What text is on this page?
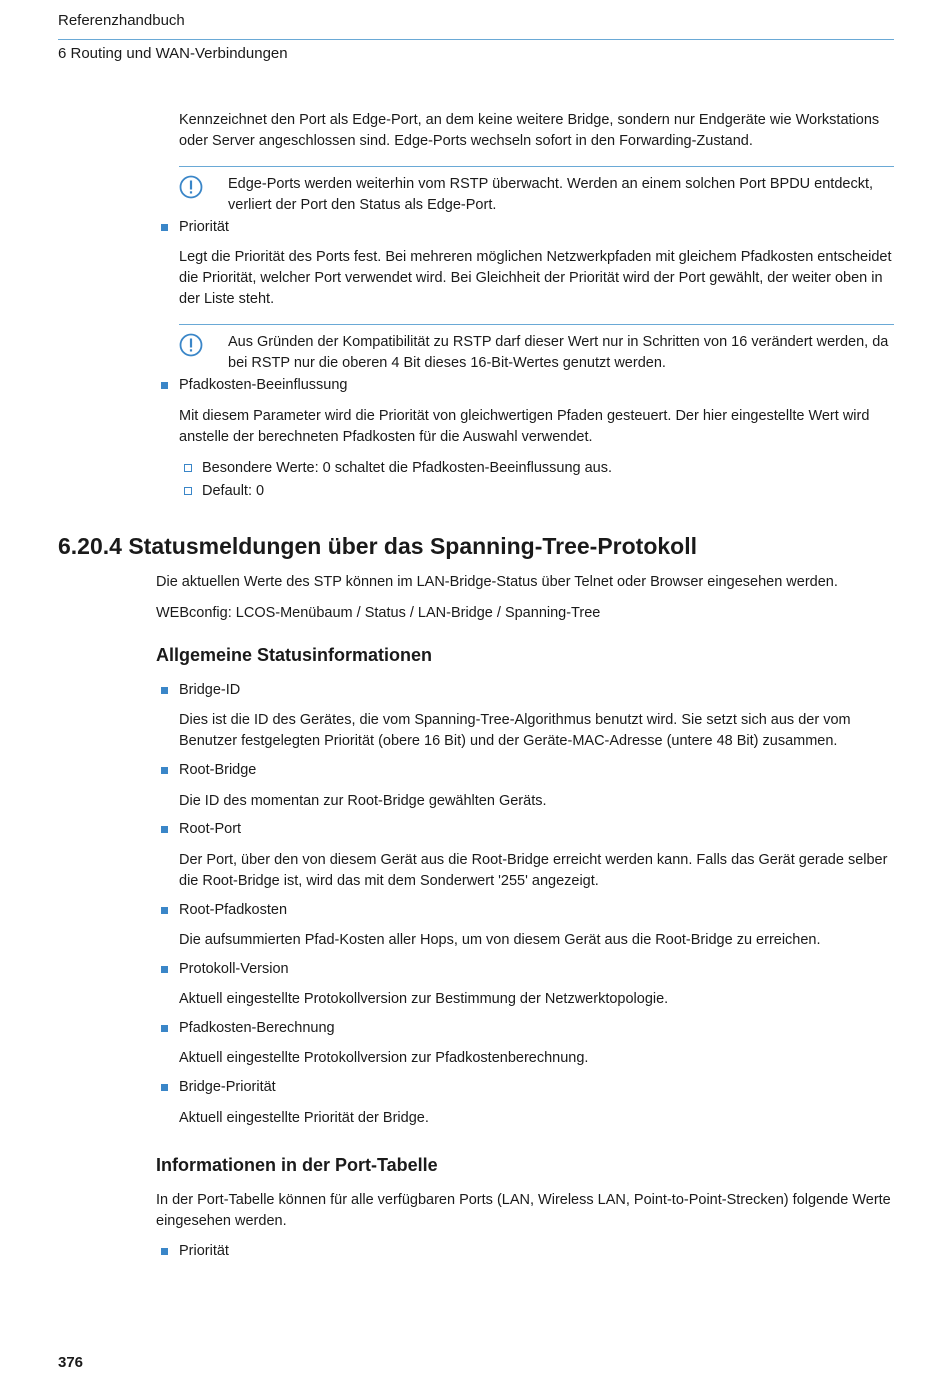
Referenzhandbuch
6 Routing und WAN-Verbindungen
Kennzeichnet den Port als Edge-Port, an dem keine weitere Bridge, sondern nur Endgeräte wie Workstations oder Server angeschlossen sind. Edge-Ports wechseln sofort in den Forwarding-Zustand.
Edge-Ports werden weiterhin vom RSTP überwacht. Werden an einem solchen Port BPDU entdeckt, verliert der Port den Status als Edge-Port.
Priorität
Legt die Priorität des Ports fest. Bei mehreren möglichen Netzwerkpfaden mit gleichem Pfadkosten entscheidet die Priorität, welcher Port verwendet wird. Bei Gleichheit der Priorität wird der Port gewählt, der weiter oben in der Liste steht.
Aus Gründen der Kompatibilität zu RSTP darf dieser Wert nur in Schritten von 16 verändert werden, da bei RSTP nur die oberen 4 Bit dieses 16-Bit-Wertes genutzt werden.
Pfadkosten-Beeinflussung
Mit diesem Parameter wird die Priorität von gleichwertigen Pfaden gesteuert. Der hier eingestellte Wert wird anstelle der berechneten Pfadkosten für die Auswahl verwendet.
Besondere Werte: 0 schaltet die Pfadkosten-Beeinflussung aus.
Default: 0
6.20.4 Statusmeldungen über das Spanning-Tree-Protokoll
Die aktuellen Werte des STP können im LAN-Bridge-Status über Telnet oder Browser eingesehen werden.
WEBconfig: LCOS-Menübaum / Status / LAN-Bridge / Spanning-Tree
Allgemeine Statusinformationen
Bridge-ID
Dies ist die ID des Gerätes, die vom Spanning-Tree-Algorithmus benutzt wird. Sie setzt sich aus der vom Benutzer festgelegten Priorität (obere 16 Bit) und der Geräte-MAC-Adresse (untere 48 Bit) zusammen.
Root-Bridge
Die ID des momentan zur Root-Bridge gewählten Geräts.
Root-Port
Der Port, über den von diesem Gerät aus die Root-Bridge erreicht werden kann. Falls das Gerät gerade selber die Root-Bridge ist, wird das mit dem Sonderwert '255' angezeigt.
Root-Pfadkosten
Die aufsummierten Pfad-Kosten aller Hops, um von diesem Gerät aus die Root-Bridge zu erreichen.
Protokoll-Version
Aktuell eingestellte Protokollversion zur Bestimmung der Netzwerktopologie.
Pfadkosten-Berechnung
Aktuell eingestellte Protokollversion zur Pfadkostenberechnung.
Bridge-Priorität
Aktuell eingestellte Priorität der Bridge.
Informationen in der Port-Tabelle
In der Port-Tabelle können für alle verfügbaren Ports (LAN, Wireless LAN, Point-to-Point-Strecken) folgende Werte eingesehen werden.
Priorität
376
